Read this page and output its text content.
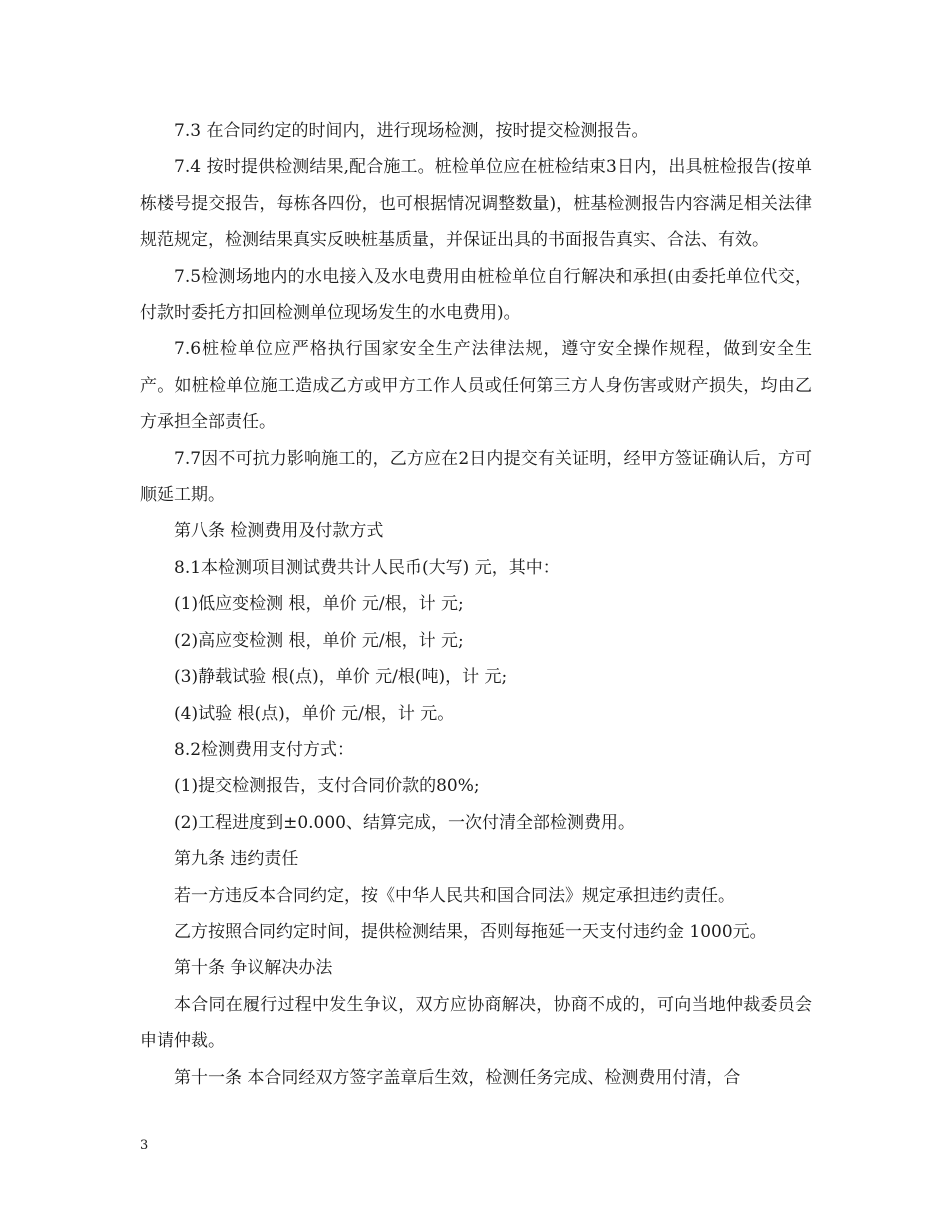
7.3 在合同约定的时间内，进行现场检测，按时提交检测报告。

7.4 按时提供检测结果,配合施工。桩检单位应在桩检结束3日内，出具桩检报告(按单栋楼号提交报告，每栋各四份，也可根据情况调整数量)，桩基检测报告内容满足相关法律规范规定，检测结果真实反映桩基质量，并保证出具的书面报告真实、合法、有效。

7.5检测场地内的水电接入及水电费用由桩检单位自行解决和承担(由委托单位代交，付款时委托方扣回检测单位现场发生的水电费用)。

7.6桩检单位应严格执行国家安全生产法律法规，遵守安全操作规程，做到安全生产。如桩检单位施工造成乙方或甲方工作人员或任何第三方人身伤害或财产损失，均由乙方承担全部责任。

7.7因不可抗力影响施工的，乙方应在2日内提交有关证明，经甲方签证确认后，方可顺延工期。

第八条 检测费用及付款方式

8.1本检测项目测试费共计人民币(大写) 元，其中：

(1)低应变检测 根，单价 元/根，计 元;

(2)高应变检测 根，单价 元/根，计 元;

(3)静载试验 根(点)，单价 元/根(吨)，计 元;

(4)试验 根(点)，单价 元/根，计 元。

8.2检测费用支付方式：

(1)提交检测报告，支付合同价款的80%;

(2)工程进度到±0.000、结算完成，一次付清全部检测费用。

第九条 违约责任

若一方违反本合同约定，按《中华人民共和国合同法》规定承担违约责任。

乙方按照合同约定时间，提供检测结果，否则每拖延一天支付违约金 1000元。

第十条 争议解决办法

本合同在履行过程中发生争议，双方应协商解决，协商不成的，可向当地仲裁委员会申请仲裁。

第十一条 本合同经双方签字盖章后生效，检测任务完成、检测费用付清，合

3
